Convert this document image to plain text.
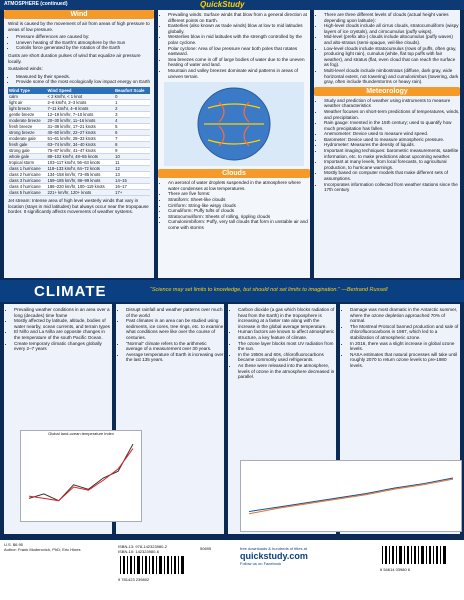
ATMOSPHERE (continued)	QuickStudy
Wind

Wind is caused by the movement of air from areas of high pressure to areas of low pressure.

• Pressure differences are caused by:
• Uneven heating of the Earth’s atmosphere by the Sun
• Coriolis force generated by the rotation of the Earth

Gusts are short duration pulses of wind that equalize air pressure locally.

Sustained winds:

• Measured by their speeds.
• Provide some of the most ecologically low impact energy on Earth
Wind Type	Wind Speed	Beaufort Scale
calm	< 2 km/hr, < 1 knot	0
light air	2–6 km/hr, 2–3 knots	1
light breeze	7–11 km/hr, 4–6 knots	2
gentle breeze	12–19 km/hr, 7–10 knots	3
moderate breeze	20–30 km/hr, 11–16 knots	4
fresh breeze	31–39 km/hr, 17–21 knots	5
strong breeze	40–50 km/hr, 22–27 knots	6
moderate gale	51–61 km/hr, 28–33 knots	7
fresh gale	63–74 km/hr, 34–40 knots	8
strong gale	75–87 km/hr, 41–47 knots	9
whole gale	88–102 km/hr, 48–55 knots	10
tropical storm	103–117 km/hr, 56–63 knots	11
class 1 hurricane	118–133 km/hr, 64–72 knots	12
class 2 hurricane	134–158 km/hr, 73–85 knots	13
class 3 hurricane	159–185 km/hr, 86–99 knots	14–15
class 4 hurricane	186–220 km/hr, 100–119 knots	16–17
class 5 hurricane	221+ km/hr, 120+ knots	17+

Jet stream: Intense area of high level westerly winds that vary in location (stays in mid latitudes) but always occur near the tropopause border. It significantly affects movements of weather systems.

• Prevailing winds: Surface winds that blow from a general direction at different points on Earth.
• Easterlies (also known as trade winds) blow at low to mid latitudes globally.
• Westerlies blow in mid latitudes with the strength controlled by the polar cyclone.
• Polar cyclone: Area of low pressure near both poles that rotates eastward.
• Sea breezes come in off of large bodies of water due to the uneven heating of water and land.
• Mountain and valley breezes dominate wind patterns in areas of uneven terrain.
Clouds
• An aerosol of water droplets suspended in the atmosphere where water condenses at low temperatures.
• There are five forms:
• Stratiform: Sheet-like clouds
• Cirriform: String-like wispy clouds
• Cumuliform: Puffy tufts of clouds
• Stratocumuliform: Sheets of rolling, rippling clouds
• Cumulonimbiform: Puffy, very tall clouds that form in unstable air and come with storms
• There are three different levels of clouds (actual height varies depending upon latitude):
• High-level clouds include all cirrus clouds, stratocumuliform (wispy layers of ice crystals), and cirrocumulus (puffy wisps).
• Mid-level (prefix alto-) clouds include altocumulus (puffy waves) and alto-stratus (semi-opaque, veil-like clouds).
• Low-level clouds include stratocumulus (rows of puffs, often gray, producing light rain), cumulus (white, flat top puffs with fair weather), and stratus (flat, even cloud that can reach the surface as fog).
• Multi-level clouds include nimbostratus (diffuse, dark gray, wide horizontal extent, not towering) and cumulonimbus (towering, dark gray, often include thunderstorms or heavy rain).
Meteorology
• Study and prediction of weather using instruments to measure weather characteristics
• Weather focuses on short-term predictions of temperatures, winds, and precipitation.
• Rain gauge: Invented in the 15th century; used to quantify how much precipitation has fallen.
• Anemometer: Device used to measure wind speed.
• Barometer: Device used to measure atmospheric pressure.
• Hydrometer: Measures the density of liquids.
• Important imaging techniques: barometric measurements, satellite information, etc. to make predictions about upcoming weather.
• Important at many levels, from local forecasts, to agricultural production, to hurricane warnings.
• Mostly based on computer models that make different sets of assumptions.
• Incorporates information collected from weather stations since the 17th century
CLIMATE	“Science may set limits to knowledge, but should not set limits to imagination.” —Bertrand Russell
• Prevailing weather conditions in an area over a long (decades) time frame
• Mostly affected by latitude, altitude, bodies of water nearby, ocean currents, and terrain types
• El Niño and La Niña are opposite changes in the temperature of the south Pacific Ocean.
• Create temporary climatic changes globally every 2–7 years
• Disrupt rainfall and weather patterns over much of the world
• Past climates in an area can be studied using sediments, ice cores, tree rings, etc. to examine what conditions were like over the course of centuries.
• “Normal” climate refers to the arithmetic average of a measurement over 30 years.
• Average temperature of Earth is increasing over the last 135 years.
• Carbon dioxide (a gas which blocks radiation of heat from the Earth) in the troposphere is increasing at a faster rate along with the increase in the global average temperature.
• Human factors are known to affect atmospheric structure, a key feature of climate.
• The ozone layer blocks most UV radiation from the sun.
• In the 1950s and 60s, chlorofluorocarbons became commonly used refrigerants.
• As these were released into the atmosphere, levels of ozone in the atmosphere decreased in parallel.
• Damage was most dramatic in the Antarctic summer, where the ozone depletion approached 70% of normal.
• The Montreal Protocol banned production and sale of chlorofluorocarbons in 1987, which led to a stabilization of atmospheric ozone.
• In 2016, there was a slight increase in global ozone levels.
• NASA estimates that natural processes will take until roughly 2070 to return ozone levels to pre-1980 levels.
Global land-ocean temperature index
U.S. $6.95
Author: Frank Moderovich, PhD; Eric Hines
ISBN-13: 978-142323980-2
ISBN-10: 142323980-6
9 781423 239802
50695	free downloads & hundreds of titles at
quickstudy.com
Follow us on Facebook
6 54614 03980 6
